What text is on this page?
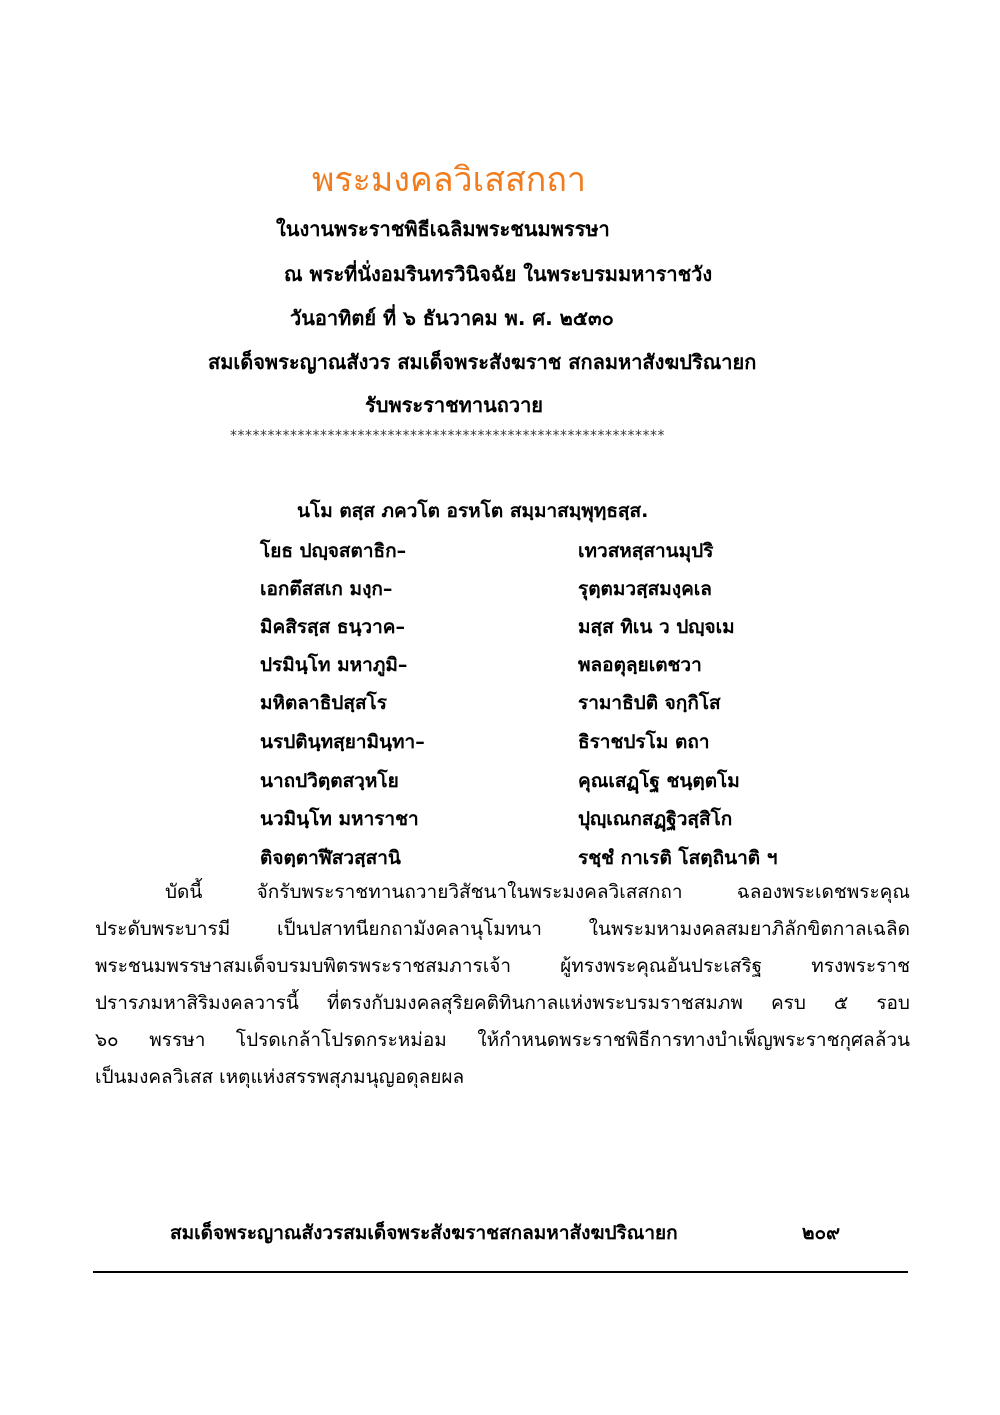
พระมงคลวิเสสกถา
ในงานพระราชพิธีเฉลิมพระชนมพรรษา
ณ พระที่นั่งอมรินทรวินิจฉัย ในพระบรมมหาราชวัง
วันอาทิตย์ ที่ ๖ ธันวาคม พ. ศ. ๒๕๓๐
สมเด็จพระญาณสังวร สมเด็จพระสังฆราช สกลมหาสังฆปริณายก
รับพระราชทานถวาย
**********************************************************
นโม ตสฺส ภควโต อรหโต สมฺมาสมฺพุทฺธสฺส.
โยธ ปญฺจสตาธิก–	เทวสหสฺสานมุปริ
เอกตึสสเก มงฺก–	รุตฺตมวสฺสมงฺคเล
มิคสิรสฺส ธนฺวาค–	มสฺส ทิเน ว ปญฺจเม
ปรมินฺโท มหาภูมิ–	พลอตุลฺยเตชวา
มหิตลาธิปสฺสโร	รามาธิปติ จกฺกิโส
นรปตินฺทสฺยามินฺทา–	ธิราชปรโม ตถา
นาถปวิตฺตสวฺหโย	คุณเสฏฺโฐ ชนฺตฺตโม
นวมินฺโท มหาราชา	ปุญฺเณกสฏฺฐิวสฺสิโก
ติจตฺตาฬีสวสฺสานิ	รชฺชํ กาเรติ โสตฺถินาติ ฯ

บัดนี้ จักรับพระราชทานถวายวิสัชนาในพระมงคลวิเสสกถา ฉลองพระเดชพระคุณ

ประดับพระบารมี เป็นปสาทนียกถามังคลานุโมทนา ในพระมหามงคลสมยาภิลักขิตกาลเฉลิด

พระชนมพรรษาสมเด็จบรมบพิตรพระราชสมภารเจ้า ผู้ทรงพระคุณอันประเสริฐ ทรงพระราช

ปรารภมหาสิริมงคลวารนี้ ที่ตรงกับมงคลสุริยคติทินกาลแห่งพระบรมราชสมภพ ครบ ๕ รอบ

๖๐ พรรษา โปรดเกล้าโปรดกระหม่อม ให้กำหนดพระราชพิธีการทางบำเพ็ญพระราชกุศลล้วน

เป็นมงคลวิเสส เหตุแห่งสรรพสุภมนุญอดุลยผล

สมเด็จพระญาณสังวรสมเด็จพระสังฆราชสกลมหาสังฆปริณายก	๒๐๙
